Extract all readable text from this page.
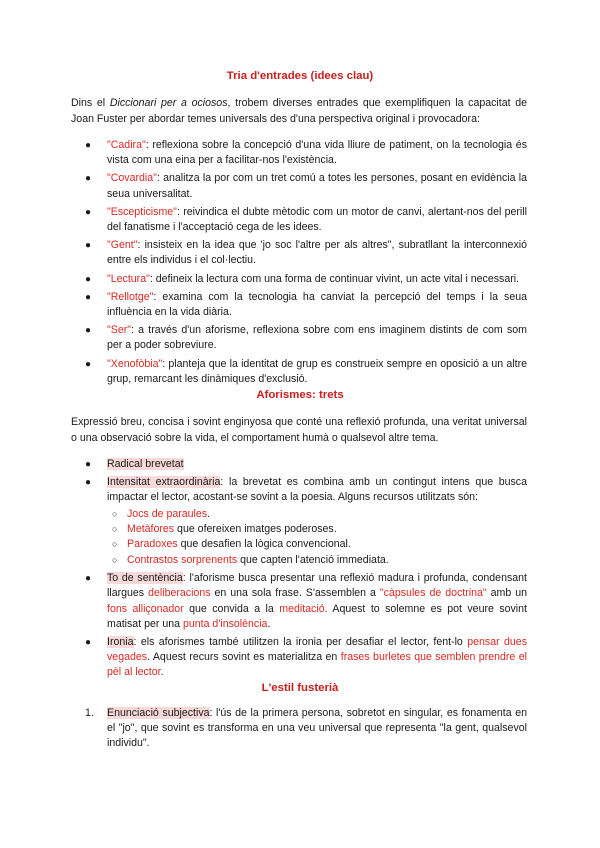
Tria d'entrades (idees clau)

Dins el Diccionari per a ociosos, trobem diverses entrades que exemplifiquen la capacitat de Joan Fuster per abordar temes universals des d'una perspectiva original i provocadora:

● "Cadira": reflexiona sobre la concepció d'una vida lliure de patiment, on la tecnologia és vista com una eina per a facilitar-nos l'existència.
● "Covardia": analitza la por com un tret comú a totes les persones, posant en evidència la seua universalitat.
● "Escepticisme": reivindica el dubte mètodic com un motor de canvi, alertant-nos del perill del fanatisme i l'acceptació cega de les idees.
● "Gent": insisteix en la idea que 'jo soc l'altre per als altres", subratllant la interconnexió entre els individus i el col·lectiu.
● "Lectura": defineix la lectura com una forma de continuar vivint, un acte vital i necessari.
● "Rellotge": examina com la tecnologia ha canviat la percepció del temps i la seua influència en la vida diària.
● "Ser": a través d'un aforisme, reflexiona sobre com ens imaginem distints de com som per a poder sobreviure.
● "Xenofòbia": planteja que la identitat de grup es construeix sempre en oposició a un altre grup, remarcant les dinàmiques d'exclusió.
Aforismes: trets

Expressió breu, concisa i sovint enginyosa que conté una reflexió profunda, una veritat universal o una observació sobre la vida, el comportament humà o qualsevol altre tema.

● Radical brevetat
● Intensitat extraordinària: la brevetat es combina amb un contingut intens que busca impactar el lector, acostant-se sovint a la poesia. Alguns recursos utilitzats són:
○ Jocs de paraules.
○ Metàfores que ofereixen imatges poderoses.
○ Paradoxes que desafien la lògica convencional.
○ Contrastos sorprenents que capten l'atenció immediata.
● To de sentència: l'aforisme busca presentar una reflexió madura i profunda, condensant llargues deliberacions en una sola frase. S'assemblen a "càpsules de doctrina" amb un fons alliçonador que convida a la meditació. Aquest to solemne es pot veure sovint matisat per una punta d'insolència.
● Ironia: els aforismes també utilitzen la ironia per desafiar el lector, fent-lo pensar dues vegades. Aquest recurs sovint es materialitza en frases burletes que semblen prendre el pèl al lector.
L'estil fusterià
1. Enunciació subjectiva: l'ús de la primera persona, sobretot en singular, es fonamenta en el "jo", que sovint es transforma en una veu universal que representa "la gent, qualsevol individu".
